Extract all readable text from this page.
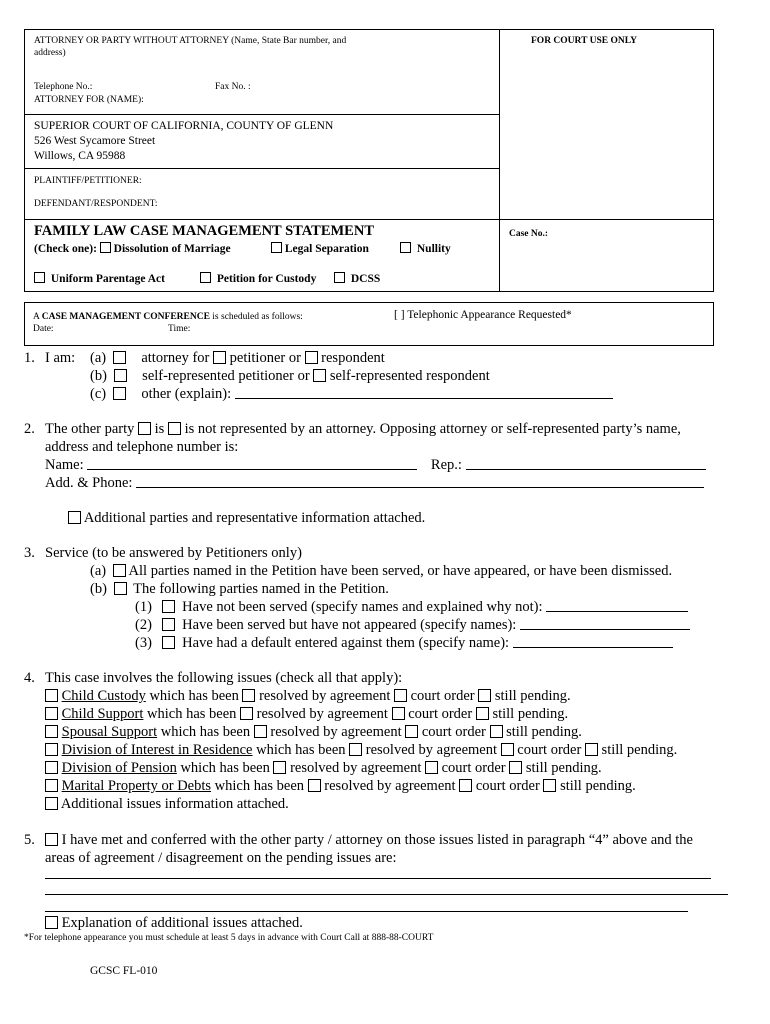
ATTORNEY OR PARTY WITHOUT ATTORNEY (Name, State Bar number, and
address)
FOR COURT USE ONLY
Telephone No.:	Fax No. :
ATTORNEY FOR (NAME):
SUPERIOR COURT OF CALIFORNIA, COUNTY OF GLENN
526 West Sycamore Street
Willows, CA 95988
PLAINTIFF/PETITIONER:
DEFENDANT/RESPONDENT:
FAMILY LAW CASE MANAGEMENT STATEMENT
(Check one): Dissolution of Marriage	Legal Separation	Nullity
Uniform Parentage Act	Petition for Custody	DCSS
Case No.:
A CASE MANAGEMENT CONFERENCE is scheduled as follows:
Date:	Time:
[ ] Telephonic Appearance Requested*
1. I am: (a) attorney for petitioner or respondent
(b) self-represented petitioner or self-represented respondent
(c) other (explain):
2. The other party is is not represented by an attorney. Opposing attorney or self-represented party’s name,
address and telephone number is:
Name:	Rep.:
Add. & Phone:
Additional parties and representative information attached.
3. Service (to be answered by Petitioners only)
(a) All parties named in the Petition have been served, or have appeared, or have been dismissed.
(b) The following parties named in the Petition.
(1) Have not been served (specify names and explained why not):
(2) Have been served but have not appeared (specify names):
(3) Have had a default entered against them (specify name):
4. This case involves the following issues (check all that apply):
Child Custody which has been resolved by agreement court order still pending.
Child Support which has been resolved by agreement court order still pending.
Spousal Support which has been resolved by agreement court order still pending.
Division of Interest in Residence which has been resolved by agreement court order still pending.
Division of Pension which has been resolved by agreement court order still pending.
Marital Property or Debts which has been resolved by agreement court order still pending.
Additional issues information attached.
5.	I have met and conferred with the other party / attorney on those issues listed in paragraph “4” above and the
areas of agreement / disagreement on the pending issues are:
Explanation of additional issues attached.
*For telephone appearance you must schedule at least 5 days in advance with Court Call at 888-88-COURT
GCSC FL-010
